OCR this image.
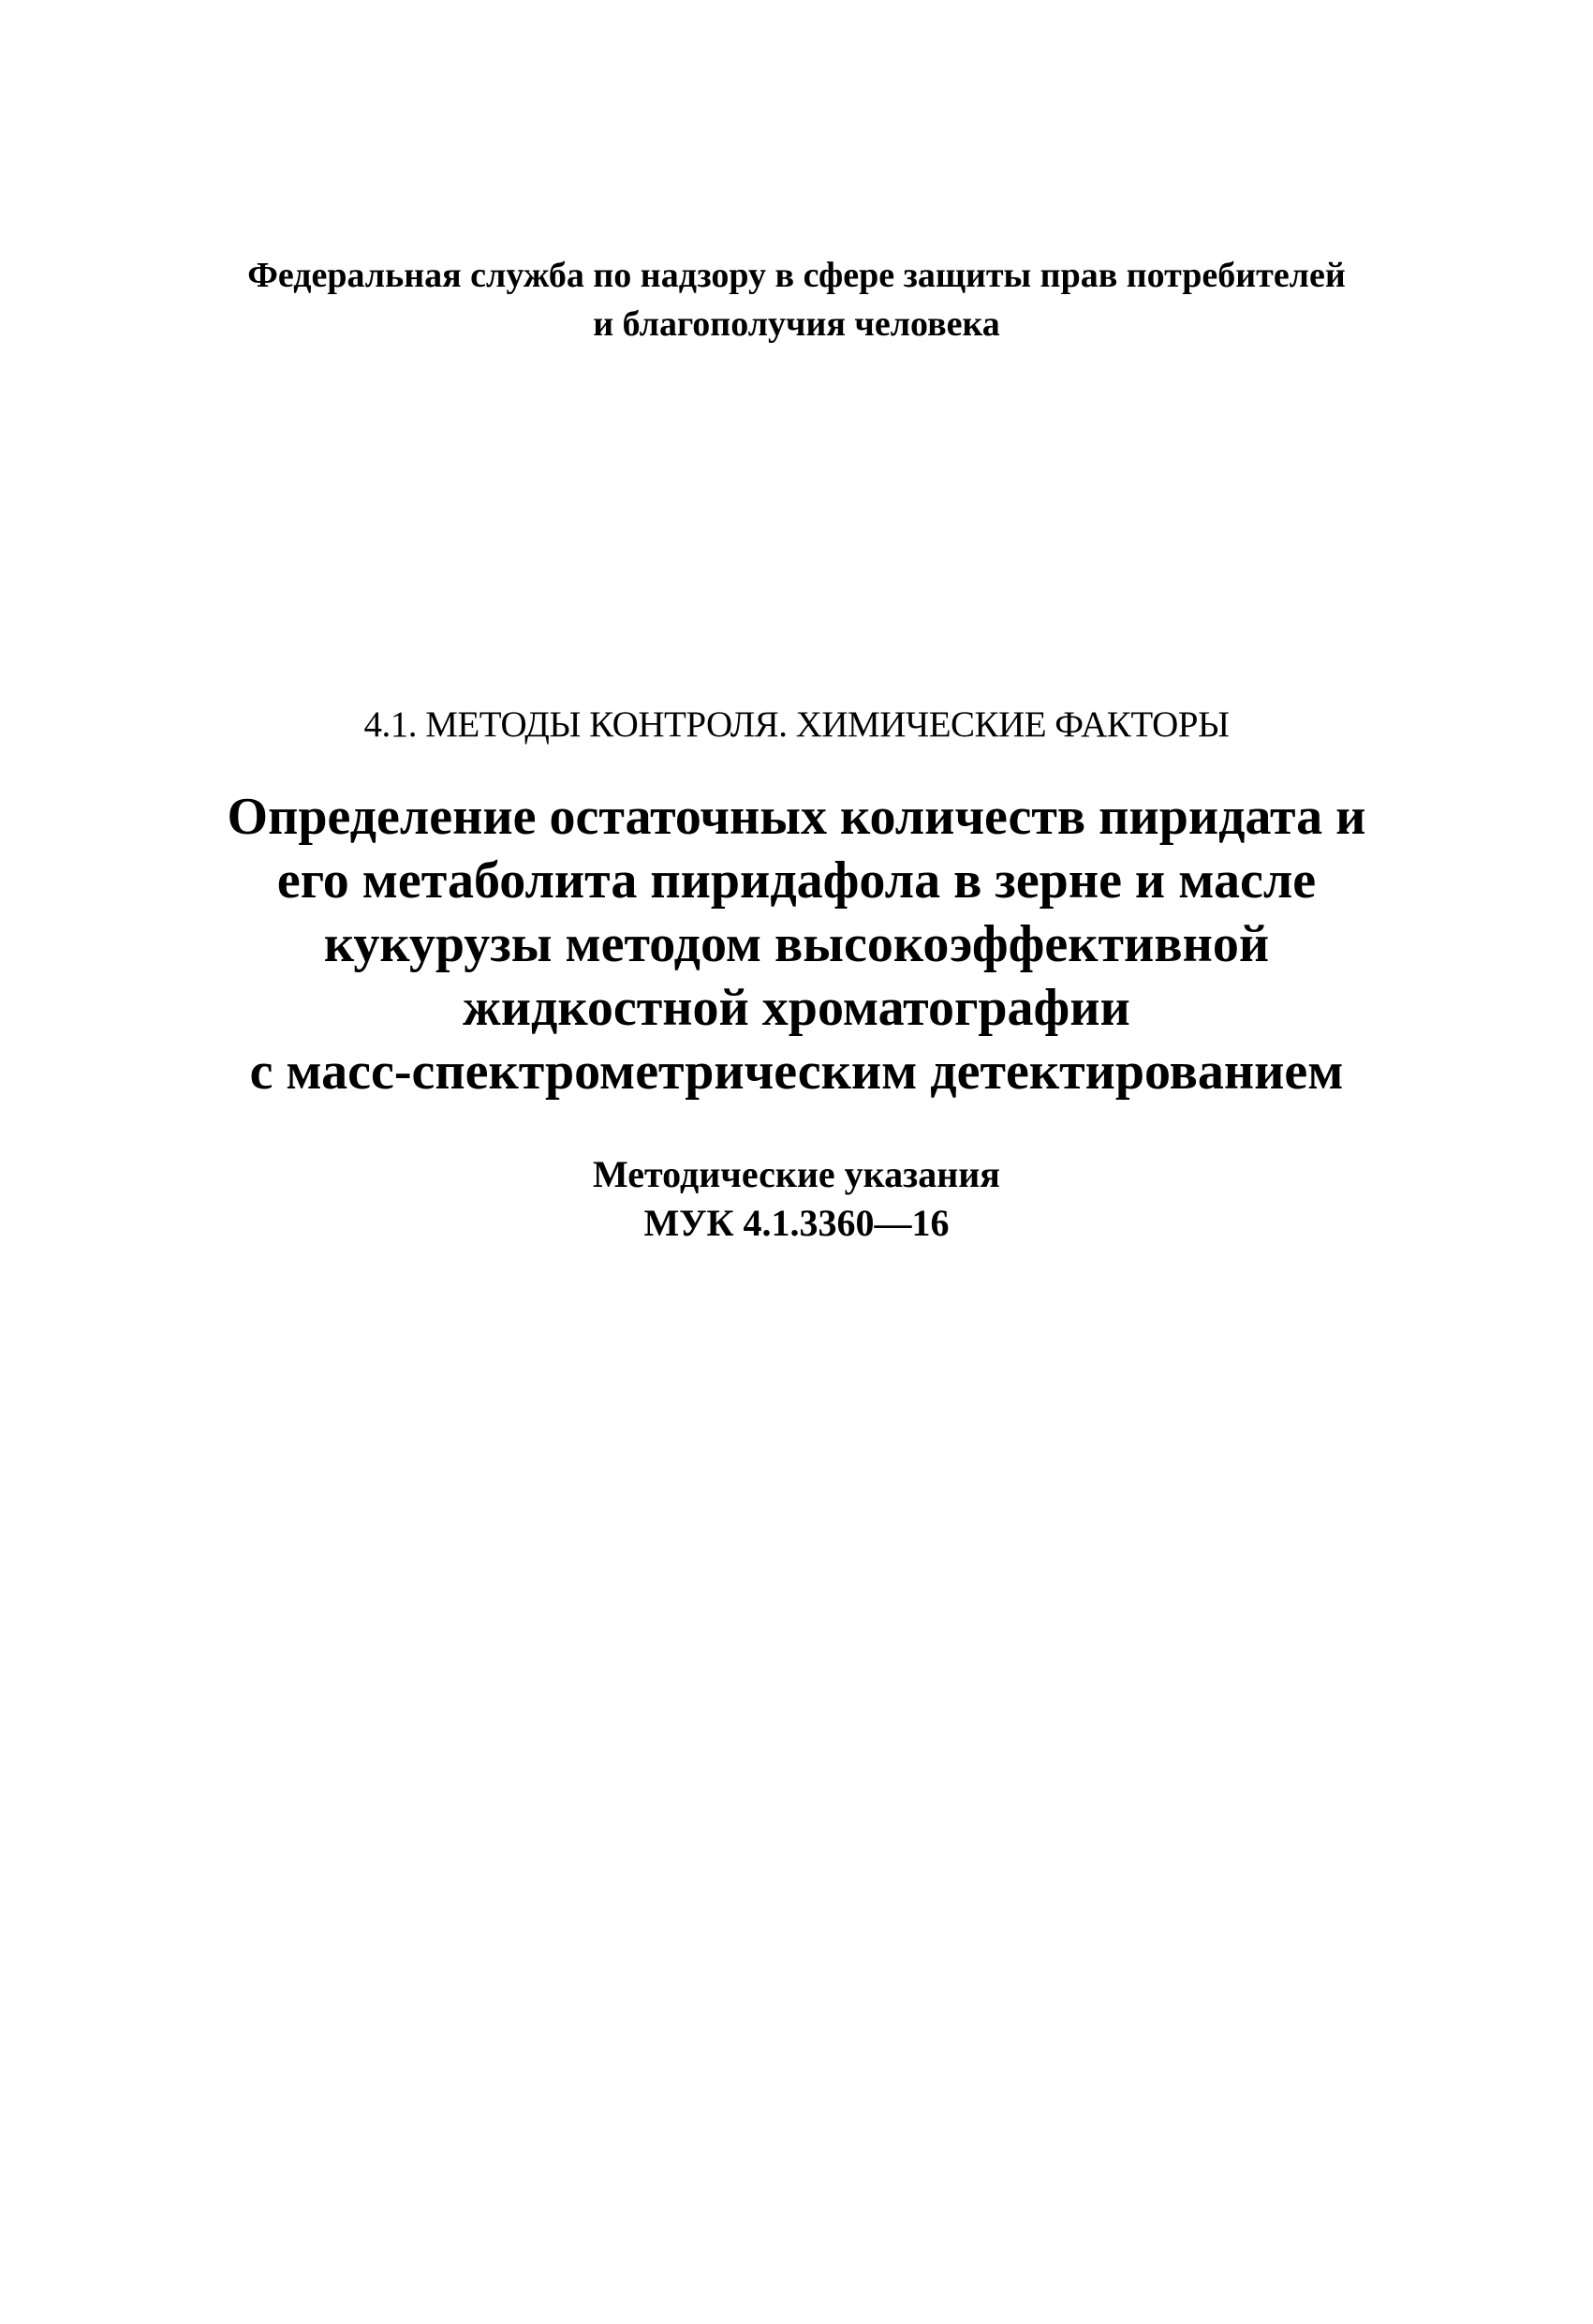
Федеральная служба по надзору в сфере защиты прав потребителей
и благополучия человека
4.1. МЕТОДЫ КОНТРОЛЯ. ХИМИЧЕСКИЕ ФАКТОРЫ
Определение остаточных количеств пиридата и
его метаболита пиридафола в зерне и масле
кукурузы методом высокоэффективной
жидкостной хроматографии
с масс-спектрометрическим детектированием
Методические указания
МУК 4.1.3360—16
